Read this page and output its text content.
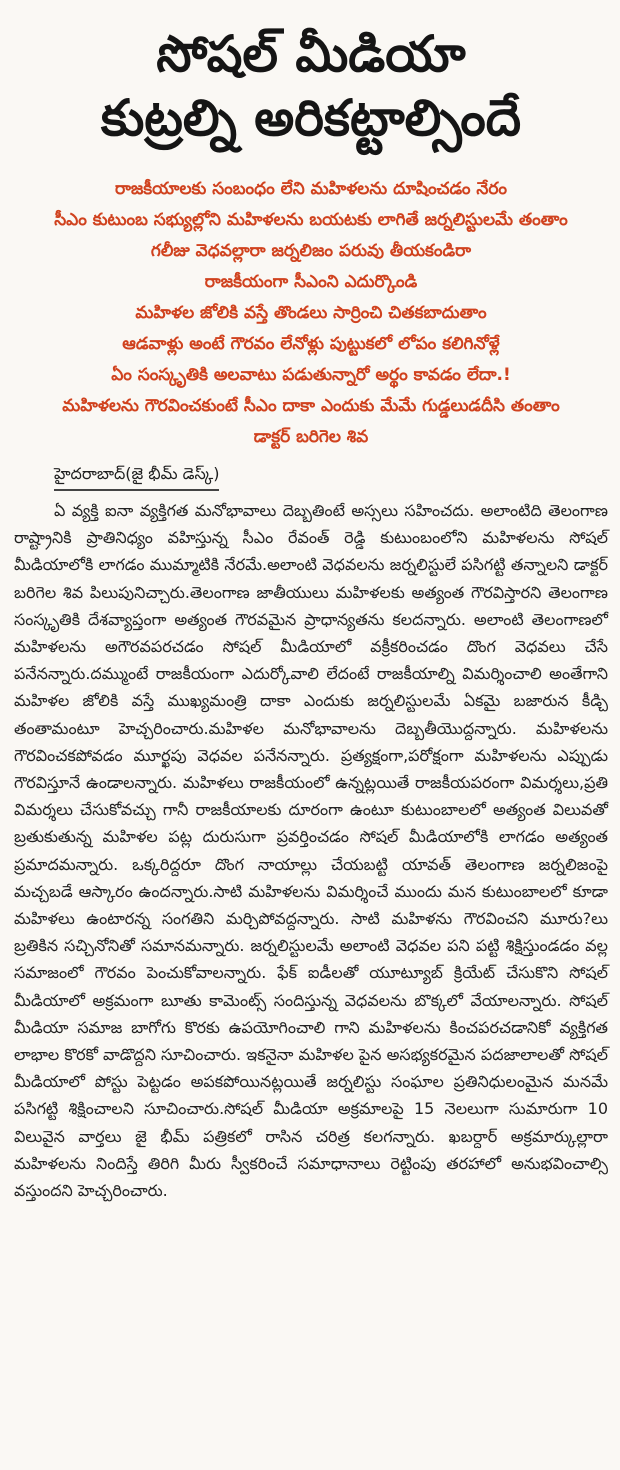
సోషల్ మీడియా
కుట్రల్ని అరికట్టాల్సిందే
రాజకీయాలకు సంబంధం లేని మహిళలను దూషించడం నేరం
సీఎం కుటుంబ సభ్యుల్లోని మహిళలను బయటకు లాగితే జర్నలిస్టులమే తంతాం
గలీజు వెధవల్లారా జర్నలిజం పరువు తీయకండిరా
రాజకీయంగా సీఎంని ఎదుర్కొండి
మహిళల జోలికి వస్తే తొండలు సార్రించి చితకబాదుతాం
ఆడవాళ్లు అంటే గౌరవం లేనోళ్లు పుట్టుకలో లోపం కలిగినోళ్లే
ఏం సంస్కృతికి అలవాటు పడుతున్నారో అర్థం కావడం లేదా.!
మహిళలను గౌరవించకుంటే సీఎం దాకా ఎందుకు మేమే గుడ్డలుడదీసి తంతాం
డాక్టర్ బరిగెల శివ
హైదరాబాద్(జై భీమ్ డెస్క్)
ఏ వ్యక్తి ఐనా వ్యక్తిగత మనోభావాలు దెబ్బతింటే అస్సలు సహించదు. అలాంటిది తెలంగాణ రాష్ట్రానికి ప్రాతినిధ్యం వహిస్తున్న సీఎం రేవంత్ రెడ్డి కుటుంబంలోని మహిళలను సోషల్ మీడియాలోకి లాగడం ముమ్మాటికి నేరమే.అలాంటి వెధవలను జర్నలిస్టులే పసిగట్టి తన్నాలని డాక్టర్ బరిగెల శివ పిలుపునిచ్చారు.తెలంగాణ జాతీయులు మహిళలకు అత్యంత గౌరవిస్తారని తెలంగాణ సంస్కృతికి దేశవ్యాప్తంగా అత్యంత గౌరవమైన ప్రాధాన్యతను కలదన్నారు. అలాంటి తెలంగాణలో మహిళలను అగౌరవపరచడం సోషల్ మీడియాలో వక్రీకరించడం దొంగ వెధవలు చేసే పనేనన్నారు.దమ్ముంటే రాజకీయంగా ఎదుర్కోవాలి లేదంటే రాజకీయాల్ని విమర్శించాలి అంతేగాని మహిళల జోలికి వస్తే ముఖ్యమంత్రి దాకా ఎందుకు జర్నలిస్టులమే ఏకమై బజారున కీడ్చి తంతామంటూ హెచ్చరించారు.మహిళల మనోభావాలను దెబ్బతీయొద్దన్నారు. మహిళలను గౌరవించకపోవడం మూర్ఖపు వెధవల పనేనన్నారు. ప్రత్యక్షంగా,పరోక్షంగా మహిళలను ఎప్పుడు గౌరవిస్తూనే ఉండాలన్నారు. మహిళలు రాజకీయంలో ఉన్నట్లయితే రాజకీయపరంగా విమర్శలు,ప్రతి విమర్శలు చేసుకోవచ్చు గానీ రాజకీయాలకు దూరంగా ఉంటూ కుటుంబాలలో అత్యంత విలువతో బ్రతుకుతున్న మహిళల పట్ల దురుసుగా ప్రవర్తించడం సోషల్ మీడియాలోకి లాగడం అత్యంత ప్రమాదమన్నారు. ఒక్కరిద్దరూ దొంగ నాయాల్లు చేయబట్టి యావత్ తెలంగాణ జర్నలిజంపై మచ్చబడే ఆస్కారం ఉందన్నారు.సాటి మహిళలను విమర్శించే ముందు మన కుటుంబాలలో కూడా మహిళలు ఉంటారన్న సంగతిని మర్చిపోవద్దన్నారు. సాటి మహిళను గౌరవించని మూరు?లు బ్రతికిన సచ్చినోనితో సమానమన్నారు. జర్నలిస్టులమే అలాంటి వెధవల పని పట్టి శిక్షిస్తుండడం వల్ల సమాజంలో గౌరవం పెంచుకోవాలన్నారు. ఫేక్ ఐడీలతో యూట్యూబ్ క్రియేట్ చేసుకొని సోషల్ మీడియాలో అక్రమంగా బూతు కామెంట్స్ సందిస్తున్న వెధవలను బొక్కలో వేయాలన్నారు. సోషల్ మీడియా సమాజ బాగోగు కొరకు ఉపయోగించాలి గాని మహిళలను కించపరచడానికో వ్యక్తిగత లాభాల కొరకో వాడొద్దని సూచించారు. ఇకనైనా మహిళల పైన అసభ్యకరమైన పదజాలాలతో సోషల్ మీడియాలో పోస్టు పెట్టడం అపకపోయినట్లయితే జర్నలిస్టు సంఘాల ప్రతినిధులంమైన మనమే పసిగట్టి శిక్షించాలని సూచించారు.సోషల్ మీడియా అక్రమాలపై 15 నెలలుగా సుమారుగా 10 విలువైన వార్తలు జై భీమ్ పత్రికలో రాసిన చరిత్ర కలగన్నారు. ఖబర్దార్ అక్రమార్కుల్లారా మహిళలను నిందిస్తే తిరిగి మీరు స్వీకరించే సమాధానాలు రెట్టింపు తరహాలో అనుభవించాల్సి వస్తుందని హెచ్చరించారు.
